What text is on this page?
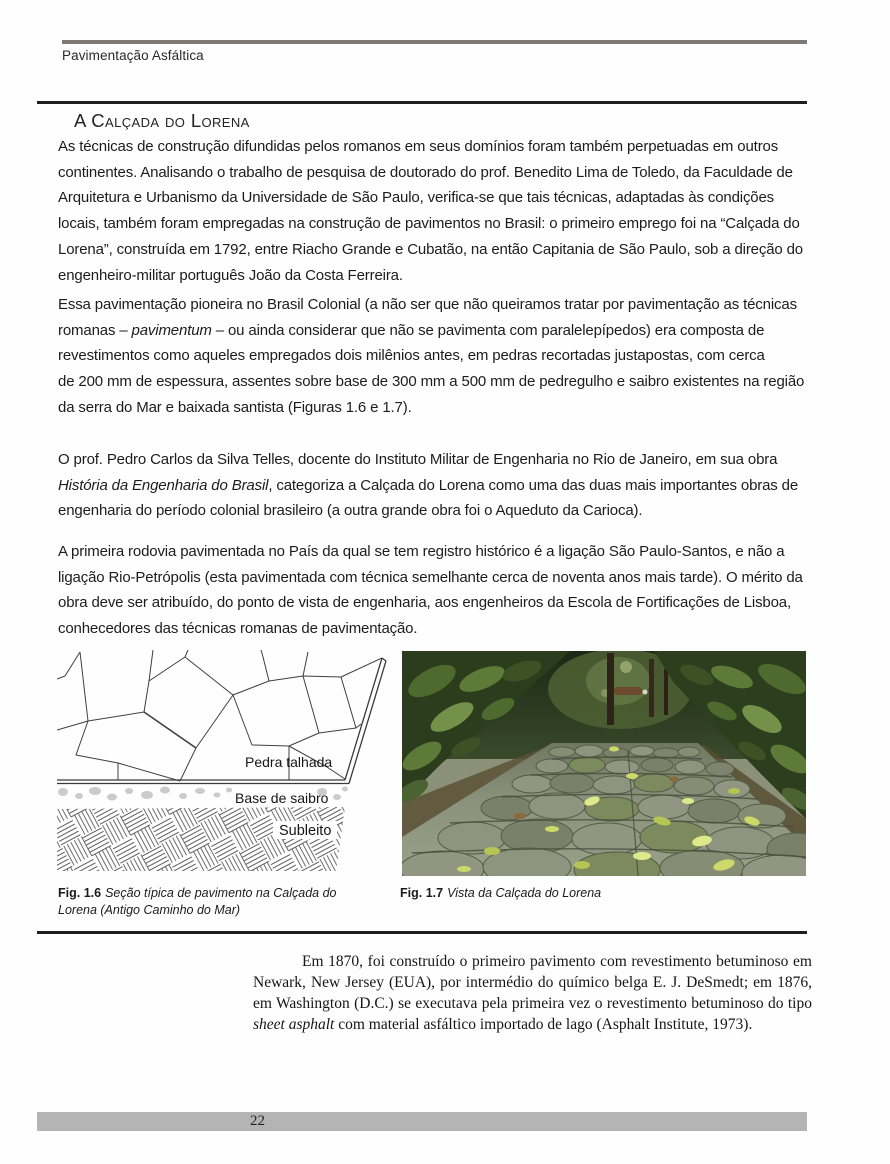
Pavimentação Asfáltica
A Calçada do Lorena
As técnicas de construção difundidas pelos romanos em seus domínios foram também perpetuadas em outros continentes. Analisando o trabalho de pesquisa de doutorado do prof. Benedito Lima de Toledo, da Faculdade de Arquitetura e Urbanismo da Universidade de São Paulo, verifica-se que tais técnicas, adaptadas às condições locais, também foram empregadas na construção de pavimentos no Brasil: o primeiro emprego foi na “Calçada do Lorena”, construída em 1792, entre Riacho Grande e Cubatão, na então Capitania de São Paulo, sob a direção do engenheiro-militar português João da Costa Ferreira.
Essa pavimentação pioneira no Brasil Colonial (a não ser que não queiramos tratar por pavimentação as técnicas romanas – pavimentum – ou ainda considerar que não se pavimenta com paralelepípedos) era composta de revestimentos como aqueles empregados dois milênios antes, em pedras recortadas justapostas, com cerca
de 200 mm de espessura, assentes sobre base de 300 mm a 500 mm de pedregulho e saibro existentes na região da serra do Mar e baixada santista (Figuras 1.6 e 1.7).
O prof. Pedro Carlos da Silva Telles, docente do Instituto Militar de Engenharia no Rio de Janeiro, em sua obra História da Engenharia do Brasil, categoriza a Calçada do Lorena como uma das duas mais importantes obras de engenharia do período colonial brasileiro (a outra grande obra foi o Aqueduto da Carioca).
A primeira rodovia pavimentada no País da qual se tem registro histórico é a ligação São Paulo-Santos, e não a ligação Rio-Petrópolis (esta pavimentada com técnica semelhante cerca de noventa anos mais tarde). O mérito da obra deve ser atribuído, do ponto de vista de engenharia, aos engenheiros da Escola de Fortificações de Lisboa, conhecedores das técnicas romanas de pavimentação.
Pedra talhada
Base de saibro
Subleito
Fig. 1.6 Seção típica de pavimento na Calçada do Lorena (Antigo Caminho do Mar)
Fig. 1.7 Vista da Calçada do Lorena
Em 1870, foi construído o primeiro pavimento com revestimento betuminoso em Newark, New Jersey (EUA), por intermédio do químico belga E. J. DeSmedt; em 1876, em Washington (D.C.) se executava pela primeira vez o revestimento betuminoso do tipo sheet asphalt com material asfáltico importado de lago (Asphalt Institute, 1973).
22
